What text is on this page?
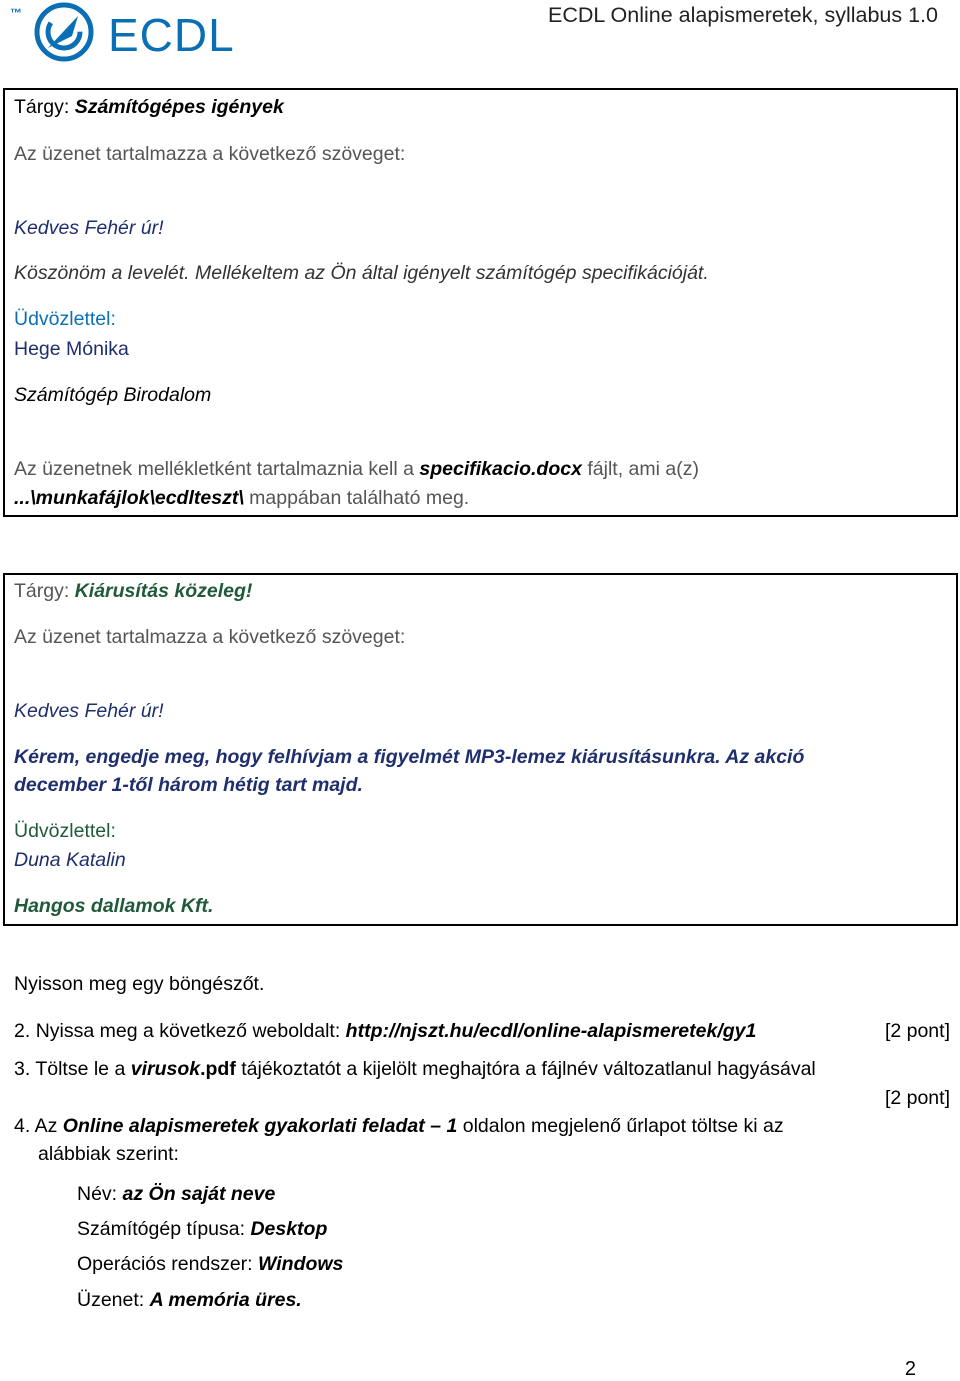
™ ECDL	ECDL Online alapismeretek, syllabus 1.0
Tárgy: Számítógépes igények
Az üzenet tartalmazza a következő szöveget:
Kedves Fehér úr!
Köszönöm a levelét. Mellékeltem az Ön által igényelt számítógép specifikációját.
Üdvözlettel:
Hege Mónika
Számítógép Birodalom
Az üzenetnek mellékletként tartalmaznia kell a specifikacio.docx fájlt, ami a(z)
...\munkafájlok\ecdlteszt\ mappában található meg.
Tárgy: Kiárusítás közeleg!
Az üzenet tartalmazza a következő szöveget:
Kedves Fehér úr!
Kérem, engedje meg, hogy felhívjam a figyelmét MP3-lemez kiárusításunkra. Az akció
december 1-től három hétig tart majd.
Üdvözlettel:
Duna Katalin
Hangos dallamok Kft.
Nyisson meg egy böngészőt.
2. Nyissa meg a következő weboldalt: http://njszt.hu/ecdl/online-alapismeretek/gy1	[2 pont]
3. Töltse le a virusok.pdf tájékoztatót a kijelölt meghajtóra a fájlnév változatlanul hagyásával
[2 pont]
4. Az Online alapismeretek gyakorlati feladat – 1 oldalon megjelenő űrlapot töltse ki az
alábbiak szerint:
Név: az Ön saját neve
Számítógép típusa: Desktop
Operációs rendszer: Windows
Üzenet: A memória üres.
2
